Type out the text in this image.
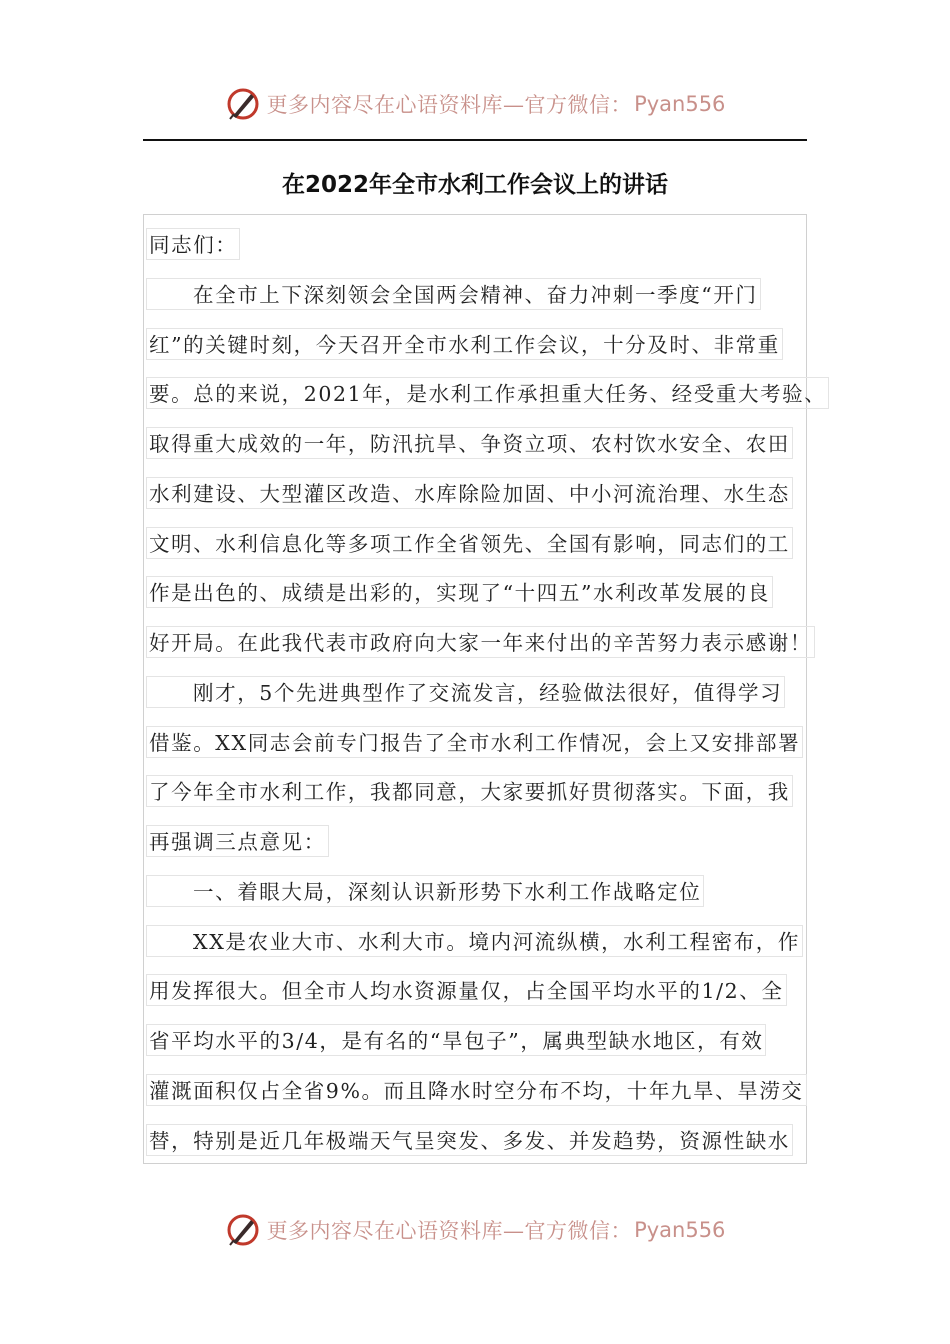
更多内容尽在心语资料库—官方微信： Pyan556
在2022年全市水利工作会议上的讲话
同志们：
在全市上下深刻领会全国两会精神、奋力冲刺一季度“开门
红”的关键时刻，今天召开全市水利工作会议，十分及时、非常重
要。总的来说，2021年，是水利工作承担重大任务、经受重大考验、
取得重大成效的一年，防汛抗旱、争资立项、农村饮水安全、农田
水利建设、大型灌区改造、水库除险加固、中小河流治理、水生态
文明、水利信息化等多项工作全省领先、全国有影响，同志们的工
作是出色的、成绩是出彩的，实现了“十四五”水利改革发展的良
好开局。在此我代表市政府向大家一年来付出的辛苦努力表示感谢！
刚才，5个先进典型作了交流发言，经验做法很好，值得学习
借鉴。XX同志会前专门报告了全市水利工作情况，会上又安排部署
了今年全市水利工作，我都同意，大家要抓好贯彻落实。下面，我
再强调三点意见：
一、着眼大局，深刻认识新形势下水利工作战略定位
XX是农业大市、水利大市。境内河流纵横，水利工程密布，作
用发挥很大。但全市人均水资源量仅，占全国平均水平的1/2、全
省平均水平的3/4，是有名的“旱包子”，属典型缺水地区，有效
灌溉面积仅占全省9%。而且降水时空分布不均，十年九旱、旱涝交
替，特别是近几年极端天气呈突发、多发、并发趋势，资源性缺水
更多内容尽在心语资料库—官方微信： Pyan556
